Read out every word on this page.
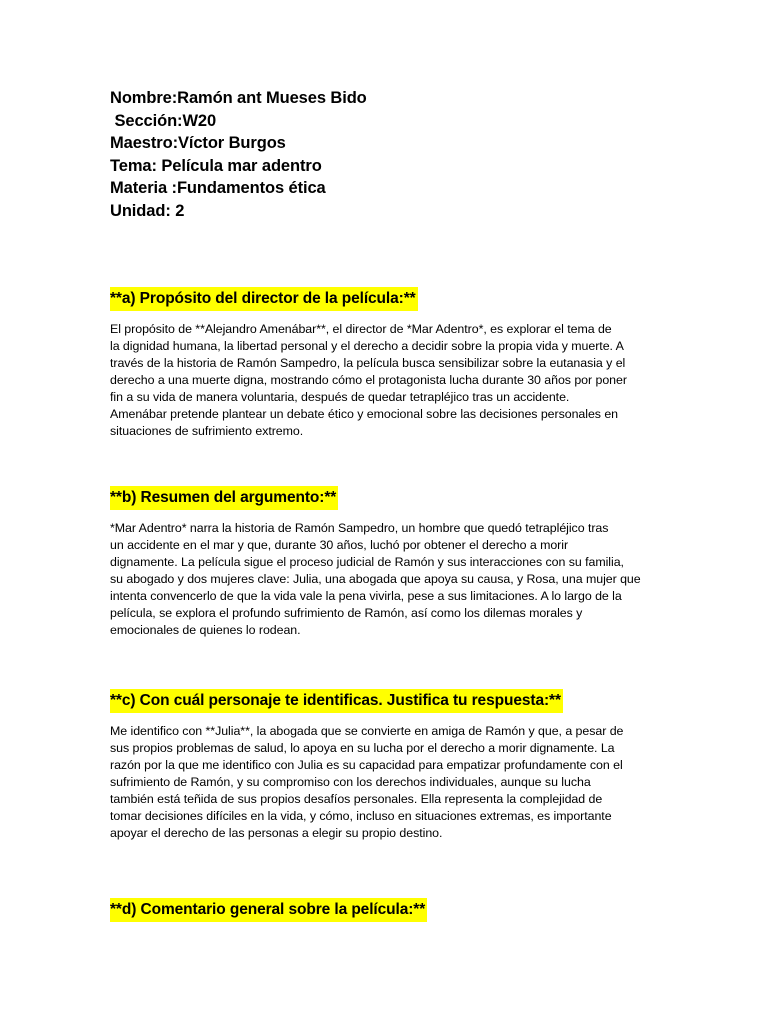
Nombre:Ramón ant Mueses Bido
Sección:W20
Maestro:Víctor Burgos
Tema: Película mar adentro
Materia :Fundamentos ética
Unidad: 2
**a) Propósito del director de la película:**
El propósito de **Alejandro Amenábar**, el director de *Mar Adentro*, es explorar el tema de
la dignidad humana, la libertad personal y el derecho a decidir sobre la propia vida y muerte. A
través de la historia de Ramón Sampedro, la película busca sensibilizar sobre la eutanasia y el
derecho a una muerte digna, mostrando cómo el protagonista lucha durante 30 años por poner
fin a su vida de manera voluntaria, después de quedar tetrapléjico tras un accidente.
Amenábar pretende plantear un debate ético y emocional sobre las decisiones personales en
situaciones de sufrimiento extremo.
**b) Resumen del argumento:**
*Mar Adentro* narra la historia de Ramón Sampedro, un hombre que quedó tetrapléjico tras
un accidente en el mar y que, durante 30 años, luchó por obtener el derecho a morir
dignamente. La película sigue el proceso judicial de Ramón y sus interacciones con su familia,
su abogado y dos mujeres clave: Julia, una abogada que apoya su causa, y Rosa, una mujer que
intenta convencerlo de que la vida vale la pena vivirla, pese a sus limitaciones. A lo largo de la
película, se explora el profundo sufrimiento de Ramón, así como los dilemas morales y
emocionales de quienes lo rodean.
**c) Con cuál personaje te identificas. Justifica tu respuesta:**
Me identifico con **Julia**, la abogada que se convierte en amiga de Ramón y que, a pesar de
sus propios problemas de salud, lo apoya en su lucha por el derecho a morir dignamente. La
razón por la que me identifico con Julia es su capacidad para empatizar profundamente con el
sufrimiento de Ramón, y su compromiso con los derechos individuales, aunque su lucha
también está teñida de sus propios desafíos personales. Ella representa la complejidad de
tomar decisiones difíciles en la vida, y cómo, incluso en situaciones extremas, es importante
apoyar el derecho de las personas a elegir su propio destino.
**d) Comentario general sobre la película:**
